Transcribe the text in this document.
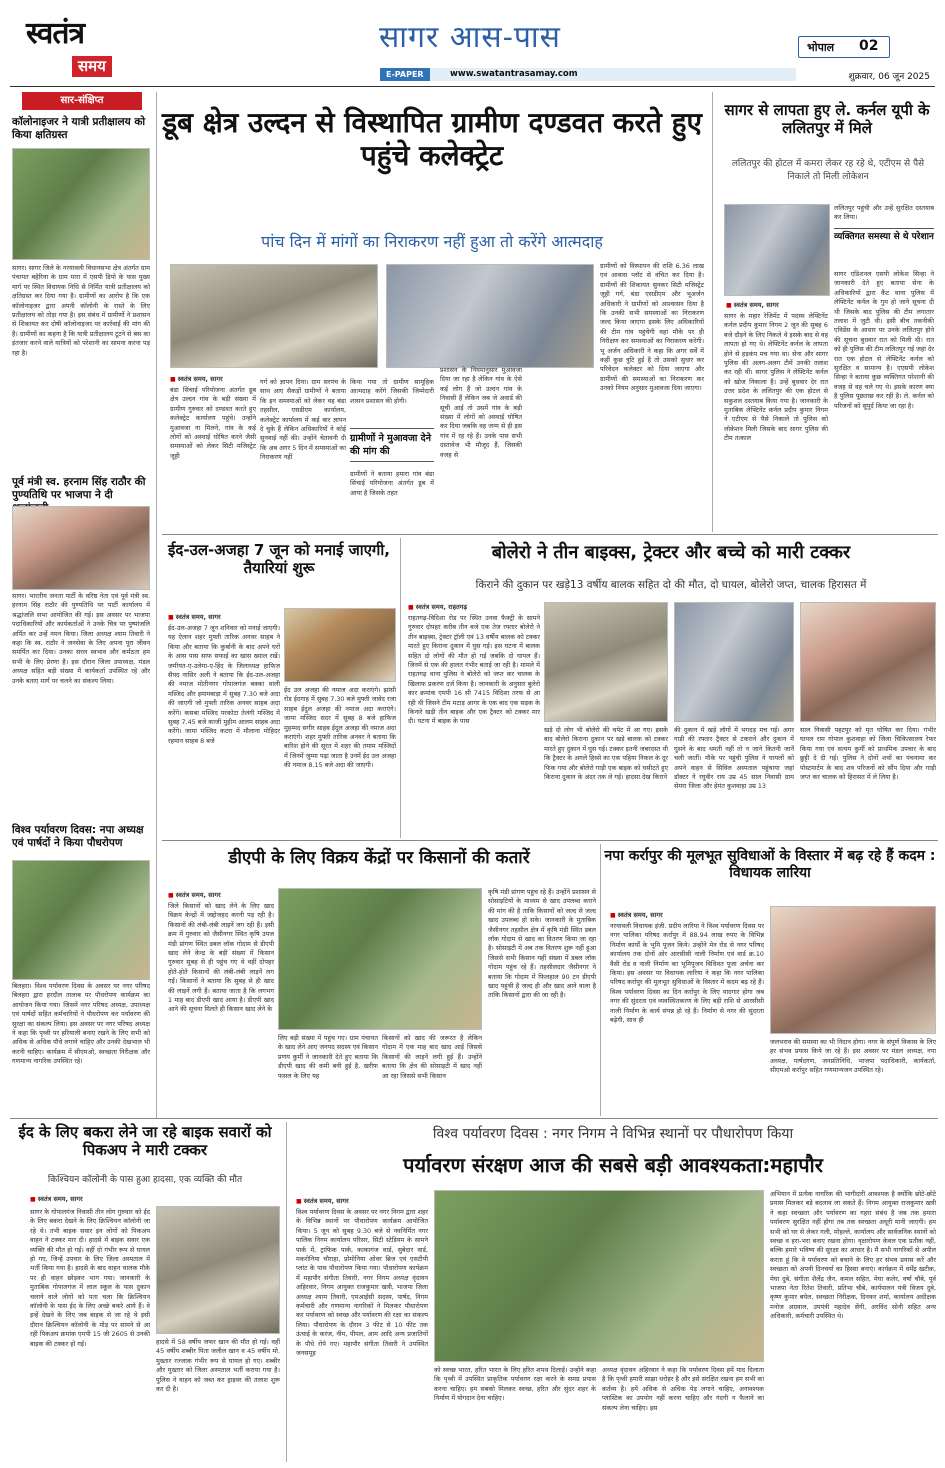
स्वतंत्र
समय
सागर आस-पास
E-PAPER	www.swatantrasamay.com
भोपाल 02
शुक्रवार, 06 जून 2025
सार-संक्षिप्त
कॉलोनाइजर ने यात्री प्रतीक्षालय को किया क्षतिग्रस्त
सागर। सागर जिले के नरयावली विधानसभा क्षेत्र अंतर्गत ग्राम पंचायत बहेरिया के ग्राम मारा में एसपी डिपो के पास मुख्य मार्ग पर स्थित विधायक निधि से निर्मित यात्री प्रतीक्षालय को क्षतिग्रस्त कर दिया गया है। ग्रामीणों का आरोप है कि एक कॉलोनाइजर द्वारा अपनी कॉलोनी के रास्ते के लिए प्रतीक्षालय को तोड़ा गया है। इस संबंध में ग्रामीणों ने प्रशासन से शिकायत कर दोषी कॉलोनाइजर पर कार्रवाई की मांग की है। ग्रामीणों का कहना है कि यात्री प्रतीक्षालय टूटने से बस का इंतजार करने वाले यात्रियों को परेशानी का सामना करना पड़ रहा है।
पूर्व मंत्री स्व. हरनाम सिंह राठौर की पुण्यतिथि पर भाजपा ने दी
सागर। भारतीय जनता पार्टी के वरिष्ठ नेता एवं पूर्व मंत्री स्व. हरनाम सिंह राठौर की पुण्यतिथि पर पार्टी कार्यालय में श्रद्धांजलि सभा आयोजित की गई। इस अवसर पर भाजपा पदाधिकारियों और कार्यकर्ताओं ने उनके चित्र पर पुष्पांजलि अर्पित कर उन्हें नमन किया। जिला अध्यक्ष श्याम तिवारी ने कहा कि स्व. राठौर ने जनसेवा के लिए अपना पूरा जीवन समर्पित कर दिया। उनका सरल स्वभाव और कर्मठता हम सभी के लिए प्रेरणा है। इस दौरान जिला उपाध्यक्ष, मंडल अध्यक्ष सहित बड़ी संख्या में कार्यकर्ता उपस्थित रहे और उनके बताए मार्ग पर चलने का संकल्प लिया।
विश्व पर्यावरण दिवस: नपा अध्यक्ष एवं पार्षदों ने किया पौधरोपण
बिलहरा। विश्व पर्यावरण दिवस के अवसर पर नगर परिषद बिलहरा द्वारा हरदौल तालाब पर पौधरोपण कार्यक्रम का आयोजन किया गया। जिसमें नगर परिषद अध्यक्ष, उपाध्यक्ष एवं पार्षदों सहित कर्मचारियों ने पौधरोपण कर पर्यावरण की सुरक्षा का संकल्प लिया। इस अवसर पर नगर परिषद अध्यक्ष ने कहा कि पृथ्वी पर हरियाली बनाए रखने के लिए सभी को अधिक से अधिक पौधे लगाने चाहिए और उनकी देखभाल भी करनी चाहिए। कार्यक्रम में सीएमओ, स्वच्छता निरीक्षक और गणमान्य नागरिक उपस्थित रहे।
डूब क्षेत्र उल्दन से विस्थापित ग्रामीण दण्डवत करते हुए पहुंचे कलेक्ट्रेट
पांच दिन में मांगों का निराकरण नहीं हुआ तो करेंगे आत्मदाह
■ स्वतंत्र समय, सागर
बंडा सिंचाई परियोजना अंतर्गत डूब क्षेत्र उल्दन गांव के बड़ी संख्या में ग्रामीण गुरुवार को दण्डवत करते हुए कलेक्ट्रेट कार्यालय पहुंचे। उन्होंने मुआवजा ना मिलने, गांव के कई लोगों को अस्थाई घोषित करने जैसी समस्याओं को लेकर सिटी मजिस्ट्रेट जूही
गर्ग को ज्ञापन दिया। ग्राम सरपंच के साथ आए सैकड़ों ग्रामीणों ने बताया कि इन समस्याओं को लेकर वह बंडा तहसील, एसडीएम कार्यालय, कलेक्ट्रेट कार्यालय में कई बार ज्ञापन दे चुके हैं लेकिन अधिकारियों ने कोई सुनवाई नहीं की। उन्होंने चेतावनी दी कि अब अगर 5 दिन में समस्याओं का निराकरण नहीं
किया गया तो ग्रामीण सामूहिक आत्मदाह करेंगे जिसकी जिम्मेदारी शासन प्रशासन की होगी।
ग्रामीणों ने मुआवजा देने की मांग की
ग्रामीणों ने बताया हमारा गांव बंडा सिंचाई परियोजना अंतर्गत डूब में आया है जिसके तहत
प्रशासन के नियमानुसार मुआवजा दिया जा रहा है लेकिन गांव के ऐसे कई लोग हैं जो उल्दन गांव के निवासी हैं लेकिन जब जे अवार्ड की सूची आई तो उसमें गांव के बड़ी संख्या में लोगों को अस्थाई घोषित कर दिया जबकि वह जन्म से ही इस गांव में रह रहे हैं। उनके पास सभी दस्तावेज भी मौजूद हैं, जिसकी वजह से
ग्रामीणों को विस्थापन की राशि 6.36 लाख एवं आवास प्लॉट से वंचित कर दिया है। ग्रामीणों की शिकायत सुनकर सिटी मजिस्ट्रेट जूही गर्ग, बंडा एसडीएम और भूअर्जन अधिकारी ने ग्रामीणों को आश्वासन दिया है कि उनकी सभी समस्याओं का निराकरण जल्द किया जाएगा इसके लिए अधिकारियों की टीम गांव पहुंचेगी वहां मौके पर ही निरीक्षण कर समस्याओं का निराकरण करेगी। भू अर्जन अधिकारी ने कहा कि अगर सर्वे में कहीं कुछ त्रुटि हुई है तो उसको सुधार कर परिवेदन कलेक्टर को दिया जाएगा और ग्रामीणों की समस्याओं का निराकरण कर उनको नियम अनुसार मुआवजा दिया जाएगा।
सागर से लापता हुए ले. कर्नल यूपी के ललितपुर में मिले
ललितपुर की होटल में कमरा लेकर रह रहे थे, एटीएम से पैसे निकाले तो मिली लोकेशन
ललितपुर पहुंची और उन्हें सुरक्षित दस्तयाब कर लिया।
व्यक्तिगत समस्या से थे परेशान
■ स्वतंत्र समय, सागर
सागर के महार रेजिमेंट में पदस्थ लेफ्टिनेंट कर्नल प्रदीप कुमार निगम 2 जून की सुबह 6 बजे दौड़ने के लिए निकले थे इसके बाद से वह लापता हो गए थे। लेफ्टिनेंट कर्नल के लापता होने से हड़कंप मच गया था। सेना और सागर पुलिस की अलग-अलग टीमें उनकी तलाश कर रही थीं। सागर पुलिस ने लेफ्टिनेंट कर्नल को खोज निकाला है। उन्हें बुधवार देर रात उत्तर प्रदेश के ललितपुर की एक होटल से सकुशल दस्तयाब किया गया है। जानकारी के मुताबिक लेफ्टिनेंट कर्नल प्रदीप कुमार निगम ने एटीएम से पैसे निकाले तो पुलिस को लोकेशन मिली जिसके बाद सागर पुलिस की टीम तत्काल
सागर एडिशनल एसपी लोकेश सिन्हा ने जानकारी देते हुए बताया सेना के अधिकारियों द्वारा कैंट थाना पुलिस में लेफ्टिनेंट कर्नल के गुम हो जाने सूचना दी थी जिसके बाद पुलिस की टीम लगातार तलाश में जुटी थी। इसी बीच तकनीकी एविडेंस के आधार पर उनके ललितपुर होने की सूचना बुधवार रात को मिली थी। रात को ही पुलिस की टीम ललितपुर गई जहां देर रात एक होटल से लेफ्टिनेंट कर्नल को सुरक्षित व सामान्य है। एएसपी लोकेश सिन्हा ने बताया कुछ व्यक्तिगत परेशानी की वजह से वह चले गए थे। इसके कारण क्या है पुलिस पूछताछ कर रही है। ले. कर्नल को परिजनों को सुपुर्द किया जा रहा है।
ईद-उल-अजहा 7 जून को मनाई जाएगी, तैयारियां शुरू
■ स्वतंत्र समय, सागर
ईद-उल-अजहा 7 जून शनिवार को मनाई जाएगी। यह ऐलान शहर मुफ्ती तारिक अनवर साहब ने किया और बताया कि कुर्बानी के बाद अपने घरों के आस पास साफ सफाई का खास ख्याल रखें। जमीयत-ए-उलेमा-ए-हिंद के जिलाध्यक्ष हाफिज सैयद नासिर अली ने बताया कि ईद-उल-अजहा की नमाज मोतीनगर गोपालगंज बक्का वाली मस्जिद और इमामबाड़ा में सुबह 7.30 बजे अदा की जाएगी जो मुफ्ती तारिक अनवर साहब अदा करेंगे। कसबा मस्जिद परकोटा तेलंगी मस्जिद में सुबह 7.45 बजे काजी मुहीम आलम साहब अदा करेंगे। जामा मस्जिद कटरा में मौलाना मोहिदर रहमान साहब 8 बजे
ईद उल अजहा की नमाज अदा कराएंगे। झांसी रोड ईदगाह में सुबह 7.30 बजे मुफ्ती जावेद रजा साहब ईदुल अजहा की नमाज अदा कराएंगे। जामा मस्जिद सदर में सुबह 8 बजे हाफिज मुहम्मद सगीर साहब ईदुल अजहा की नमाज अदा कराएंगे। शहर मुफ्ती तारिक अनवर ने बताया कि बारिश होने की सूरत में शहर की तमाम मस्जिदों में जिनमें जुम्मा पढ़ा जाता है उनमें ईद उल अजहा की नमाज 8.15 बजे अदा की जाएगी।
बोलेरो ने तीन बाइक्स, ट्रेक्टर और बच्चे को मारी टक्कर
किराने की दुकान पर खड़े13 वर्षीय बालक सहित दो की मौत, दो घायल, बोलेरो जप्त, चालक हिरासत में
■ स्वतंत्र समय, राहतगढ़
राहतगढ़-विदिशा रोड पर स्थित उनवा फैक्ट्री के सामने गुरुवार दोपहर करीब तीन बजे एक तेज रफ्तार बोलेरो ने तीन बाइक्स, ट्रेक्टर ट्रॉली एवं 13 वर्षीय बालक को टक्कर मारते हुए किराना दुकान में घुस गई। इस घटना में बालक सहित दो लोगों की मौत हो गई जबकि दो घायल हैं। जिनमें से एक की हालत गंभीर बताई जा रही है। मामले में राहतगढ़ थाना पुलिस ने बोलेरो को जप्त कर चालक के खिलाफ प्रकरण दर्ज किया है। जानकारी के अनुसार बुलेरो कार क्रमांक एमपी 16 सी 7415 विदिशा तरफ से आ रही थी जिसने टीम मटाड़ आगर के एक बाद एक सड़क के किनारे खड़ी तीन बाइक और एक ट्रैक्टर को टक्कर मार दी। घटना में बाइक के पास
खड़े दो लोग भी बोलेरो की चपेट में आ गए। इसके बाद बोलेरो किराना दुकान पर खड़े बालक को टक्कर मारते हुए दुकान में घुस गई। टक्कर इतनी जबरदस्त थी कि ट्रैक्टर के अगले हिस्से का एक पहिया निकल के दूर फिक गया और बोलेरो गाड़ी एक बाइक को घसीटते हुए किराना दुकान के अंदर तक ले गई। हादसा देख किराने
की दुकान में खड़े लोगों में भगदड़ मच गई। अगर गाड़ी की रफ्तार ट्रैक्टर से टकराने और दुकान में घुसने के बाद थमती नहीं तो न जाने कितनी जानें चली जातीं। मौके पर पहुंची पुलिस ने घायलों को अपने वाहन से सिविल अस्पताल पहुंचाया जहां डॉक्टर ने रघुवीर राय उम्र 45 साल निवासी ग्राम सेमरा जिला और हेमंत कुशवाहा उम्र 13
साल निवासी पहटपुर को मृत घोषित कर दिया। गंभीर घायल राम गोपाल कुशवाहा को जिला चिकित्सालय रेफर किया गया एवं सत्यम कुर्मी को प्राथमिक उपचार के बाद छुट्टी दे दी गई। पुलिस ने दोनों शवों का पंचनामा कर पोस्टमार्टम के बाद शव परिजनों को सौंप दिया और गाड़ी जप्त कर चालक को हिरासत में ले लिया है।
डीएपी के लिए विक्रय केंद्रों पर किसानों की कतारें
■ स्वतंत्र समय, सागर
जिले किसानों को खाद लेने के लिए खाद विक्रय केन्द्रों में जद्दोजहद करनी पड़ रही है। किसानों की लंबी-लंबी लाइनें लग रही हैं। इसी क्रम में गुरुवार को जैसीनगर स्थित कृषि उपज मंडी प्रांगण स्थित डबल लॉक गोदाम से डीएपी खाद लेने केन्द्र के बड़ी संख्या में किसान गुरुवार सुबह से ही पहुंच गए थे वहीं दोपहर होते-होते किसानों की लंबी-लंबी लाइनें लग गईं। किसानों ने बताया कि सुबह से ही खाद की लाइनें लगी हैं। बताया जाता है कि लगभग 1 माह बाद डीएपी खाद आया है। डीएपी खाद आने की सूचना मिलते ही किसान खाद लेने के
लिए बड़ी संख्या में पहुंच गए। ग्राम पंचायत के खाद लेने आए जनपद सदस्य एवं किसान प्रणय कुर्मी ने जानकारी देते हुए बताया कि डीएपी खाद की कमी बनी हुई है, खरीफ फसल के लिए यह
किसानों को खाद की जरूरत है लेकिन गोदाम में एक माह बाद खाद आई जिससे किसानों की लाइनें लगी हुई हैं। उन्होंने बताया कि क्षेत्र की सोसाइटी में खाद नहीं आ रहा जिससे सभी किसान
कृषि मंडी प्रांगण पहुंच रहे हैं। उन्होंने प्रशासन से सोसाइटियों के माध्यम से खाद उपलब्ध कराने की मांग की है ताकि किसानों को जल्द से जल्द खाद उपलब्ध हो सके। जानकारी के मुताबिक जैसीनगर तहसील क्षेत्र में कृषि मंडी स्थित डबल लॉक गोदाम से खाद का वितरण किया जा रहा है। सोसाइटी में अब तक वितरण शुरू नहीं हुआ जिससे सभी किसान यहीं संख्या में डबल लॉक गोदाम पहुंच रहे हैं। तहसीलदार जैसीनगर ने बताया कि गोदाम में फिलहाल 90 टन डीएपी खाद पहुंची है जल्द ही और खाद आने वाला है ताकि किसानों द्वारा की जा रही है।
नपा कर्रापुर की मूलभूत सुविधाओं के विस्तार में बढ़ रहे हैं कदम : विधायक लारिया
■ स्वतंत्र समय, सागर
नरयावली विधायक इंजी. प्रदीप लारिया ने विश्व पर्यावरण दिवस पर नगर पालिका परिषद कर्रापुर में 88.94 लाख रुपए के विभिन्न निर्माण कार्यों के भूमि पूजन किये। उन्होंने मेन रोड से नगर परिषद कार्यालय तक दोनों ओर आरसीसी नाली निर्माण एवं वार्ड क्र.10 वैसी रोड व नाली निर्माण का भूमिपूजन विधिवत पूजा अर्चना कर किया। इस अवसर पर विधायक लारिया ने कहा कि नगर पालिका परिषद कर्रापुर की मूलभूत सुविधाओं के विस्तार में कदम बढ़ रहे हैं। विश्व पर्यावरण दिवस का दिन कर्रापुर के लिए यादगार होगा जब नगर की सुंदरता एवं व्यवस्थितकरण के लिए बड़ी राशि से आरसीसी नाली निर्माण के कार्य संपन्न हो रहे हैं। निर्माण से नगर की सुंदरता बढ़ेगी, साथ ही
जलभराव की समस्या का भी निदान होगा। नगर के संपूर्ण विकास के लिए हर संभव प्रयास किये जा रहे हैं। इस अवसर पर मंडल अध्यक्ष, नपा अध्यक्ष, पार्षदगण, जनप्रतिनिधि, भाजपा पदाधिकारी, कार्यकर्ता, सीएमओ कर्रापुर सहित गणमान्यजन उपस्थित रहे।
ईद के लिए बकरा लेने जा रहे बाइक सवारों को पिकअप ने मारी टक्कर
किश्चियन कॉलोनी के पास हुआ हादसा, एक व्यक्ति की मौत
■ स्वतंत्र समय, सागर
सागर के गोपालगंज निवासी तीन लोग गुरुवार को ईद के लिए बकरा देखने के लिए क्रिश्चियन कॉलोनी जा रहे थे। तभी बाइक सवार इन लोगों को पिकअप वाहन ने टक्कर मार दी। हादसे में बाइक सवार एक व्यक्ति की मौत हो गई। वहीं दो गंभीर रूप से घायल हो गए, जिन्हें उपचार के लिए जिला अस्पताल में भर्ती किया गया है। हादसे के बाद वाहन चालक मौके पर ही वाहन छोड़कर भाग गया। जानकारी के मुताबिक गोपालगंज में लाल स्कूल के पास दुकान चलाने वाले लोगों को पता चला कि क्रिश्चियन कॉलोनी के पास ईद के लिए अच्छे बकरे आये हैं। वे इन्हें देखने के लिए जब बाइक से जा रहे थे इसी दौरान क्रिश्चियन कॉलोनी के मोड़ पर सामने से आ रही पिकअप क्रमांक एमपी 15 जी 2605 से उनकी बाइक की टक्कर हो गई।	हादसे में 58 वर्षीय जफर खान की मौत हो गई। वहीं 45 वर्षीय शब्बीर पिता जलील खान व 45 वर्षीय मो. मुख्तार रज्जाक गंभीर रूप से घायल हो गए। शब्बीर और मुख्तार को जिला अस्पताल भर्ती कराया गया है। पुलिस ने वाहन को जब्त कर ड्राइवर की तलाश शुरू कर दी है।
विश्व पर्यावरण दिवस : नगर निगम ने विभिन्न स्थानों पर पौधारोपण किया
पर्यावरण संरक्षण आज की सबसे बड़ी आवश्यकता:महापौर
■ स्वतंत्र समय, सागर
विश्व पर्यावरण दिवस के अवसर पर नगर निगम द्वारा शहर के विभिन्न स्थानों पर पौधारोपण कार्यक्रम आयोजित किया। 5 जून को सुबह 9.30 बजे से नवनिर्मित नगर पालिक निगम कार्यालय परिसर, सिटी स्टेडियम के सामने पार्क में, ट्राफिक पार्क, काकागंज वार्ड, सुबेदार वार्ड, मकरोनिया चौराहा, प्रोमोनिया ओवर ब्रिज एवं एसटीपी प्लांट के पास पौधारोपण किया गया। पौधारोपण कार्यक्रम में महापौर संगीता तिवारी, नगर निगम अध्यक्ष वृंदावन अहिरवार, निगम आयुक्त राजकुमार खत्री, भाजपा जिला अध्यक्ष श्याम तिवारी, एमआईसी सदस्य, पार्षद, निगम कर्मचारी और गणमान्य नागरिकों ने मिलकर पौधारोपण कर पर्यावरण को स्वच्छ और पर्यावरण की रक्षा का संकल्प लिया। पौधारोपण के दौरान 3 फीट से 10 फीट तक ऊंचाई के करंज, नीम, पीपल, आम आदि अन्य प्रजातियों के पौधे रोपे गए। महापौर संगीता तिवारी ने उपस्थित जनसमूह
को स्वच्छ भारत, हरित भारत के लिए हरित शपथ दिलाई। उन्होंने कहा कि पृथ्वी में उपस्थित प्राकृतिक पर्यावरण रक्षा करने के समग्र प्रयास करना चाहिए। हम सबको मिलकर स्वच्छ, हरित और सुंदर शहर के निर्माण में योगदान देना चाहिए।
अध्यक्ष वृंदावन अहिरवार ने कहा कि पर्यावरण दिवस हमें याद दिलाता है कि पृथ्वी हमारी साझा धरोहर है और इसे संरक्षित रखना हम सभी का कर्तव्य है। हमें अधिक से अधिक पेड़ लगाने चाहिए, अनावश्यक प्लास्टिक का उपयोग नहीं करना चाहिए और गंदगी न फैलाने का संकल्प लेना चाहिए। इस
अभियान में प्रत्येक नागरिक की भागीदारी आवश्यक है क्योंकि छोटे-छोटे प्रयास मिलकर बड़े बदलाव ला सकते हैं। निगम आयुक्त राजकुमार खत्री ने कहा स्वच्छता और पर्यावरण का गहरा संबंध है जब तक हमारा पर्यावरण सुरक्षित नहीं होगा तब तक स्वच्छता अधूरी मानी जाएगी। हम सभी को घर से लेकर गली, मोहल्ले, कार्यालय और सार्वजनिक स्थानों को स्वच्छ व हरा-भरा बनाए रखना होगा। वृक्षारोपण केवल एक प्रतीक नहीं, बल्कि हमारे भविष्य की सुरक्षा का आधार है। मैं सभी नागरिकों से अपील करता हूं कि वे पर्यावरण को बचाने के लिए हर संभव प्रयास करें और स्वच्छता को अपनी दिनचर्या का हिस्सा बनाएं। कार्यक्रम में धर्मेंद्र खटीक, मेघा दुबे, संगीता शैलेंद्र जैन, कमल सहित, मेघा कलेर, वर्षा चौबे, पूर्व भाजपा नेता रितेश तिवारी, प्रतिभा चौबे, कार्यपालन यंत्री विजय दुबे, कृष्ण कुमार बघेल, स्वच्छता निरीक्षक, दिनकर शर्मा, कार्यालय अधीक्षक मनोज अग्रवाल, उपयंत्री महादेव सेंगी, अरविंद सोनी सहित अन्य अधिकारी, कर्मचारी उपस्थित थे।
